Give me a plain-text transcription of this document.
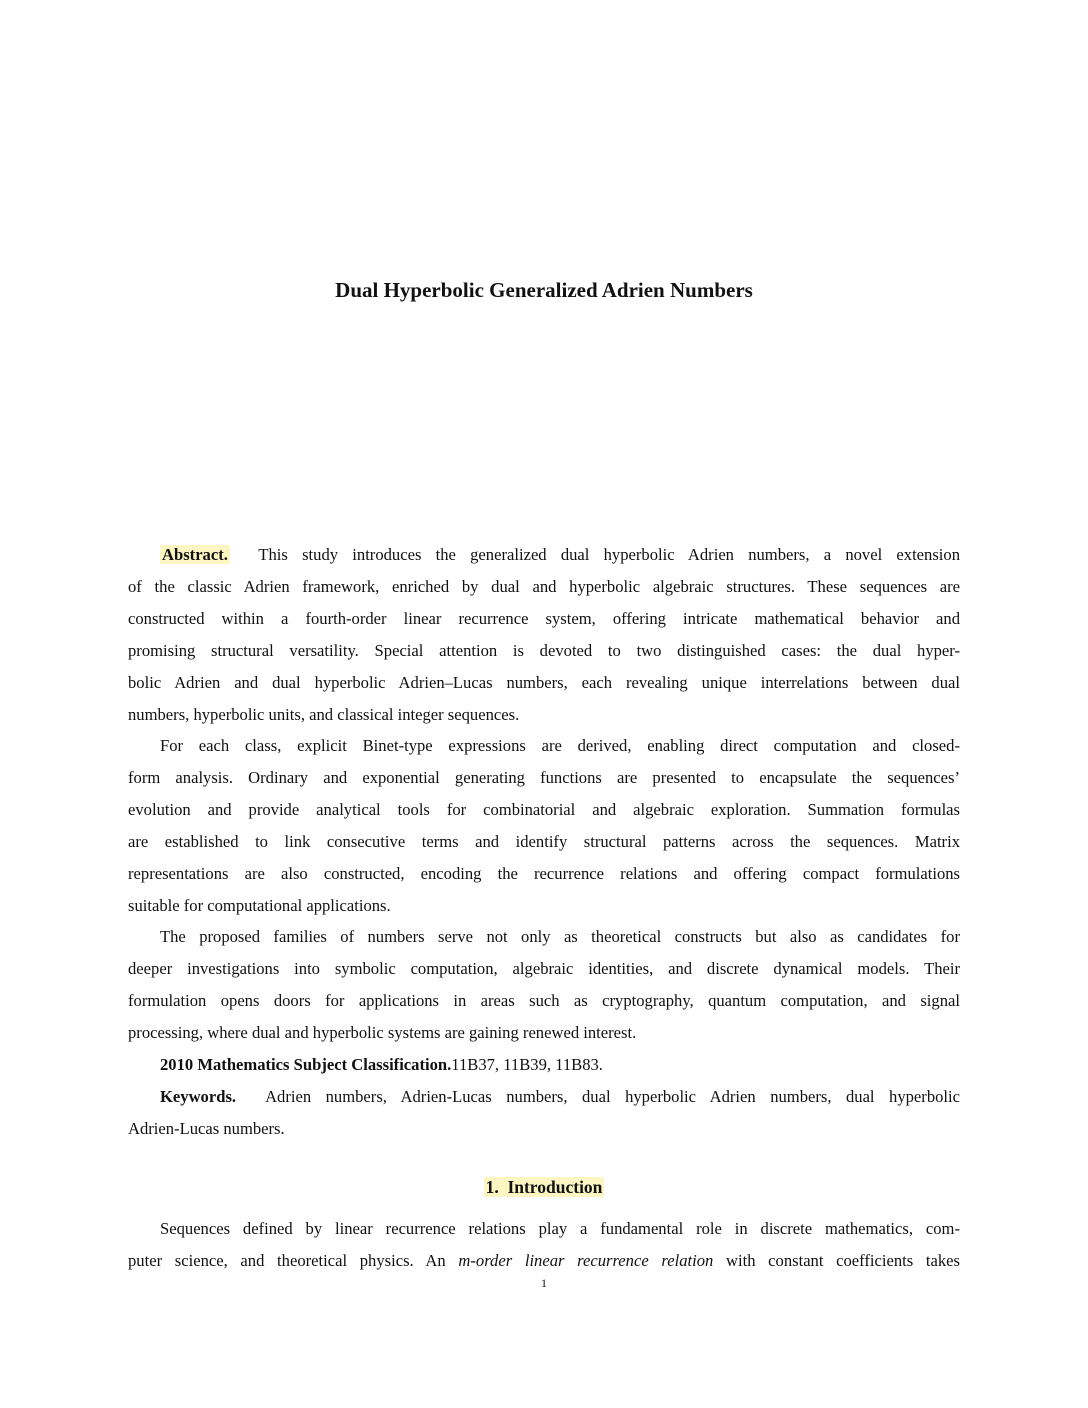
Dual Hyperbolic Generalized Adrien Numbers
Abstract. This study introduces the generalized dual hyperbolic Adrien numbers, a novel extension
of the classic Adrien framework, enriched by dual and hyperbolic algebraic structures. These sequences are
constructed within a fourth-order linear recurrence system, offering intricate mathematical behavior and
promising structural versatility. Special attention is devoted to two distinguished cases: the dual hyper-
bolic Adrien and dual hyperbolic Adrien–Lucas numbers, each revealing unique interrelations between dual
numbers, hyperbolic units, and classical integer sequences.
For each class, explicit Binet-type expressions are derived, enabling direct computation and closed-
form analysis. Ordinary and exponential generating functions are presented to encapsulate the sequences’
evolution and provide analytical tools for combinatorial and algebraic exploration. Summation formulas
are established to link consecutive terms and identify structural patterns across the sequences. Matrix
representations are also constructed, encoding the recurrence relations and offering compact formulations
suitable for computational applications.
The proposed families of numbers serve not only as theoretical constructs but also as candidates for
deeper investigations into symbolic computation, algebraic identities, and discrete dynamical models. Their
formulation opens doors for applications in areas such as cryptography, quantum computation, and signal
processing, where dual and hyperbolic systems are gaining renewed interest.
2010 Mathematics Subject Classification.11B37, 11B39, 11B83.
Keywords. Adrien numbers, Adrien-Lucas numbers, dual hyperbolic Adrien numbers, dual hyperbolic
Adrien-Lucas numbers.
1.  Introduction
Sequences defined by linear recurrence relations play a fundamental role in discrete mathematics, com-
puter science, and theoretical physics. An m-order linear recurrence relation with constant coefficients takes
1
